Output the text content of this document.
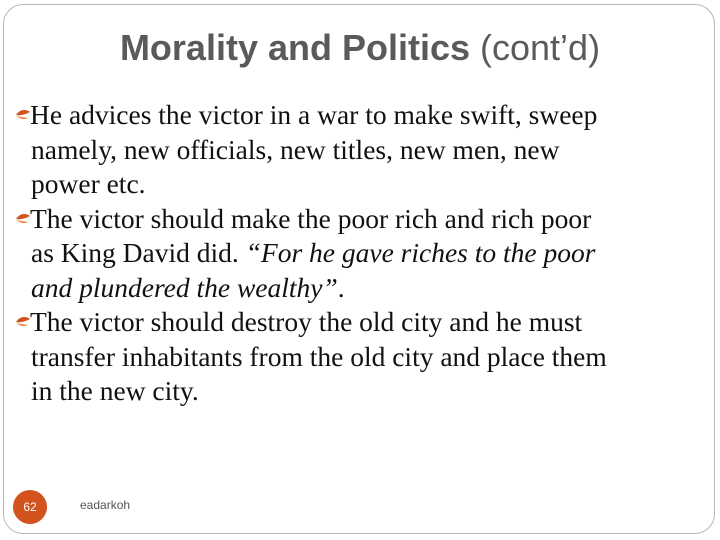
Morality and Politics (cont’d)
He advices the victor in a war to make swift, sweep
namely, new officials, new titles, new men, new
power etc.
The victor should make the poor rich and rich poor
as King David did. “For he gave riches to the poor
and plundered the wealthy”.
The victor should destroy the old city and he must
transfer inhabitants from the old city and place them
in the new city.
62	eadarkoh
